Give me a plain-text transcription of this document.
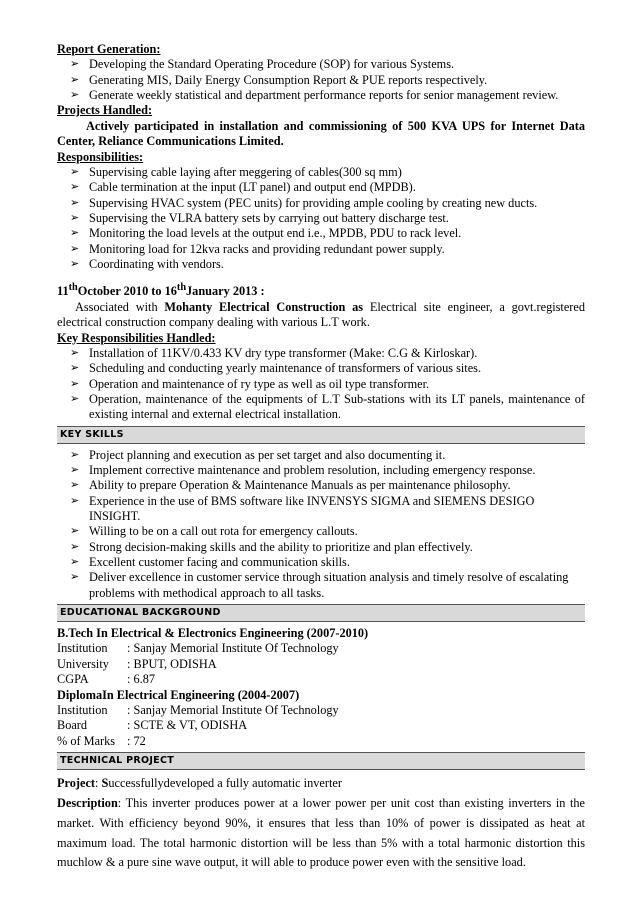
Report Generation:
➢ Developing the Standard Operating Procedure (SOP) for various Systems.
➢ Generating MIS, Daily Energy Consumption Report & PUE reports respectively.
➢ Generate weekly statistical and department performance reports for senior management review.
Projects Handled:
Actively participated in installation and commissioning of 500 KVA UPS for Internet Data Center, Reliance Communications Limited.
Responsibilities:
➢ Supervising cable laying after meggering of cables(300 sq mm)
➢ Cable termination at the input (LT panel) and output end (MPDB).
➢ Supervising HVAC system (PEC units) for providing ample cooling by creating new ducts.
➢ Supervising the VLRA battery sets by carrying out battery discharge test.
➢ Monitoring the load levels at the output end i.e., MPDB, PDU to rack level.
➢ Monitoring load for 12kva racks and providing redundant power supply.
➢ Coordinating with vendors.
11thOctober 2010 to 16thJanuary 2013 :
Associated with Mohanty Electrical Construction as Electrical site engineer, a govt.registered electrical construction company dealing with various L.T work.
Key Responsibilities Handled:
➢ Installation of 11KV/0.433 KV dry type transformer (Make: C.G & Kirloskar).
➢ Scheduling and conducting yearly maintenance of transformers of various sites.
➢ Operation and maintenance of ry type as well as oil type transformer.
➢ Operation, maintenance of the equipments of L.T Sub-stations with its LT panels, maintenance of existing internal and external electrical installation.
KEY SKILLS
➢ Project planning and execution as per set target and also documenting it.
➢ Implement corrective maintenance and problem resolution, including emergency response.
➢ Ability to prepare Operation & Maintenance Manuals as per maintenance philosophy.
➢ Experience in the use of BMS software like INVENSYS SIGMA and SIEMENS DESIGO INSIGHT.
➢ Willing to be on a call out rota for emergency callouts.
➢ Strong decision-making skills and the ability to prioritize and plan effectively.
➢ Excellent customer facing and communication skills.
➢ Deliver excellence in customer service through situation analysis and timely resolve of escalating problems with methodical approach to all tasks.
EDUCATIONAL BACKGROUND
B.Tech In Electrical & Electronics Engineering (2007-2010)
Institution	: Sanjay Memorial Institute Of Technology
University	: BPUT, ODISHA
CGPA	: 6.87
DiplomaIn Electrical Engineering (2004-2007)
Institution	: Sanjay Memorial Institute Of Technology
Board	: SCTE & VT, ODISHA
% of Marks : 72
TECHNICAL PROJECT
Project: Successfullydeveloped a fully automatic inverter
Description: This inverter produces power at a lower power per unit cost than existing inverters in the market. With efficiency beyond 90%, it ensures that less than 10% of power is dissipated as heat at maximum load. The total harmonic distortion will be less than 5% with a total harmonic distortion this muchlow & a pure sine wave output, it will able to produce power even with the sensitive load.
